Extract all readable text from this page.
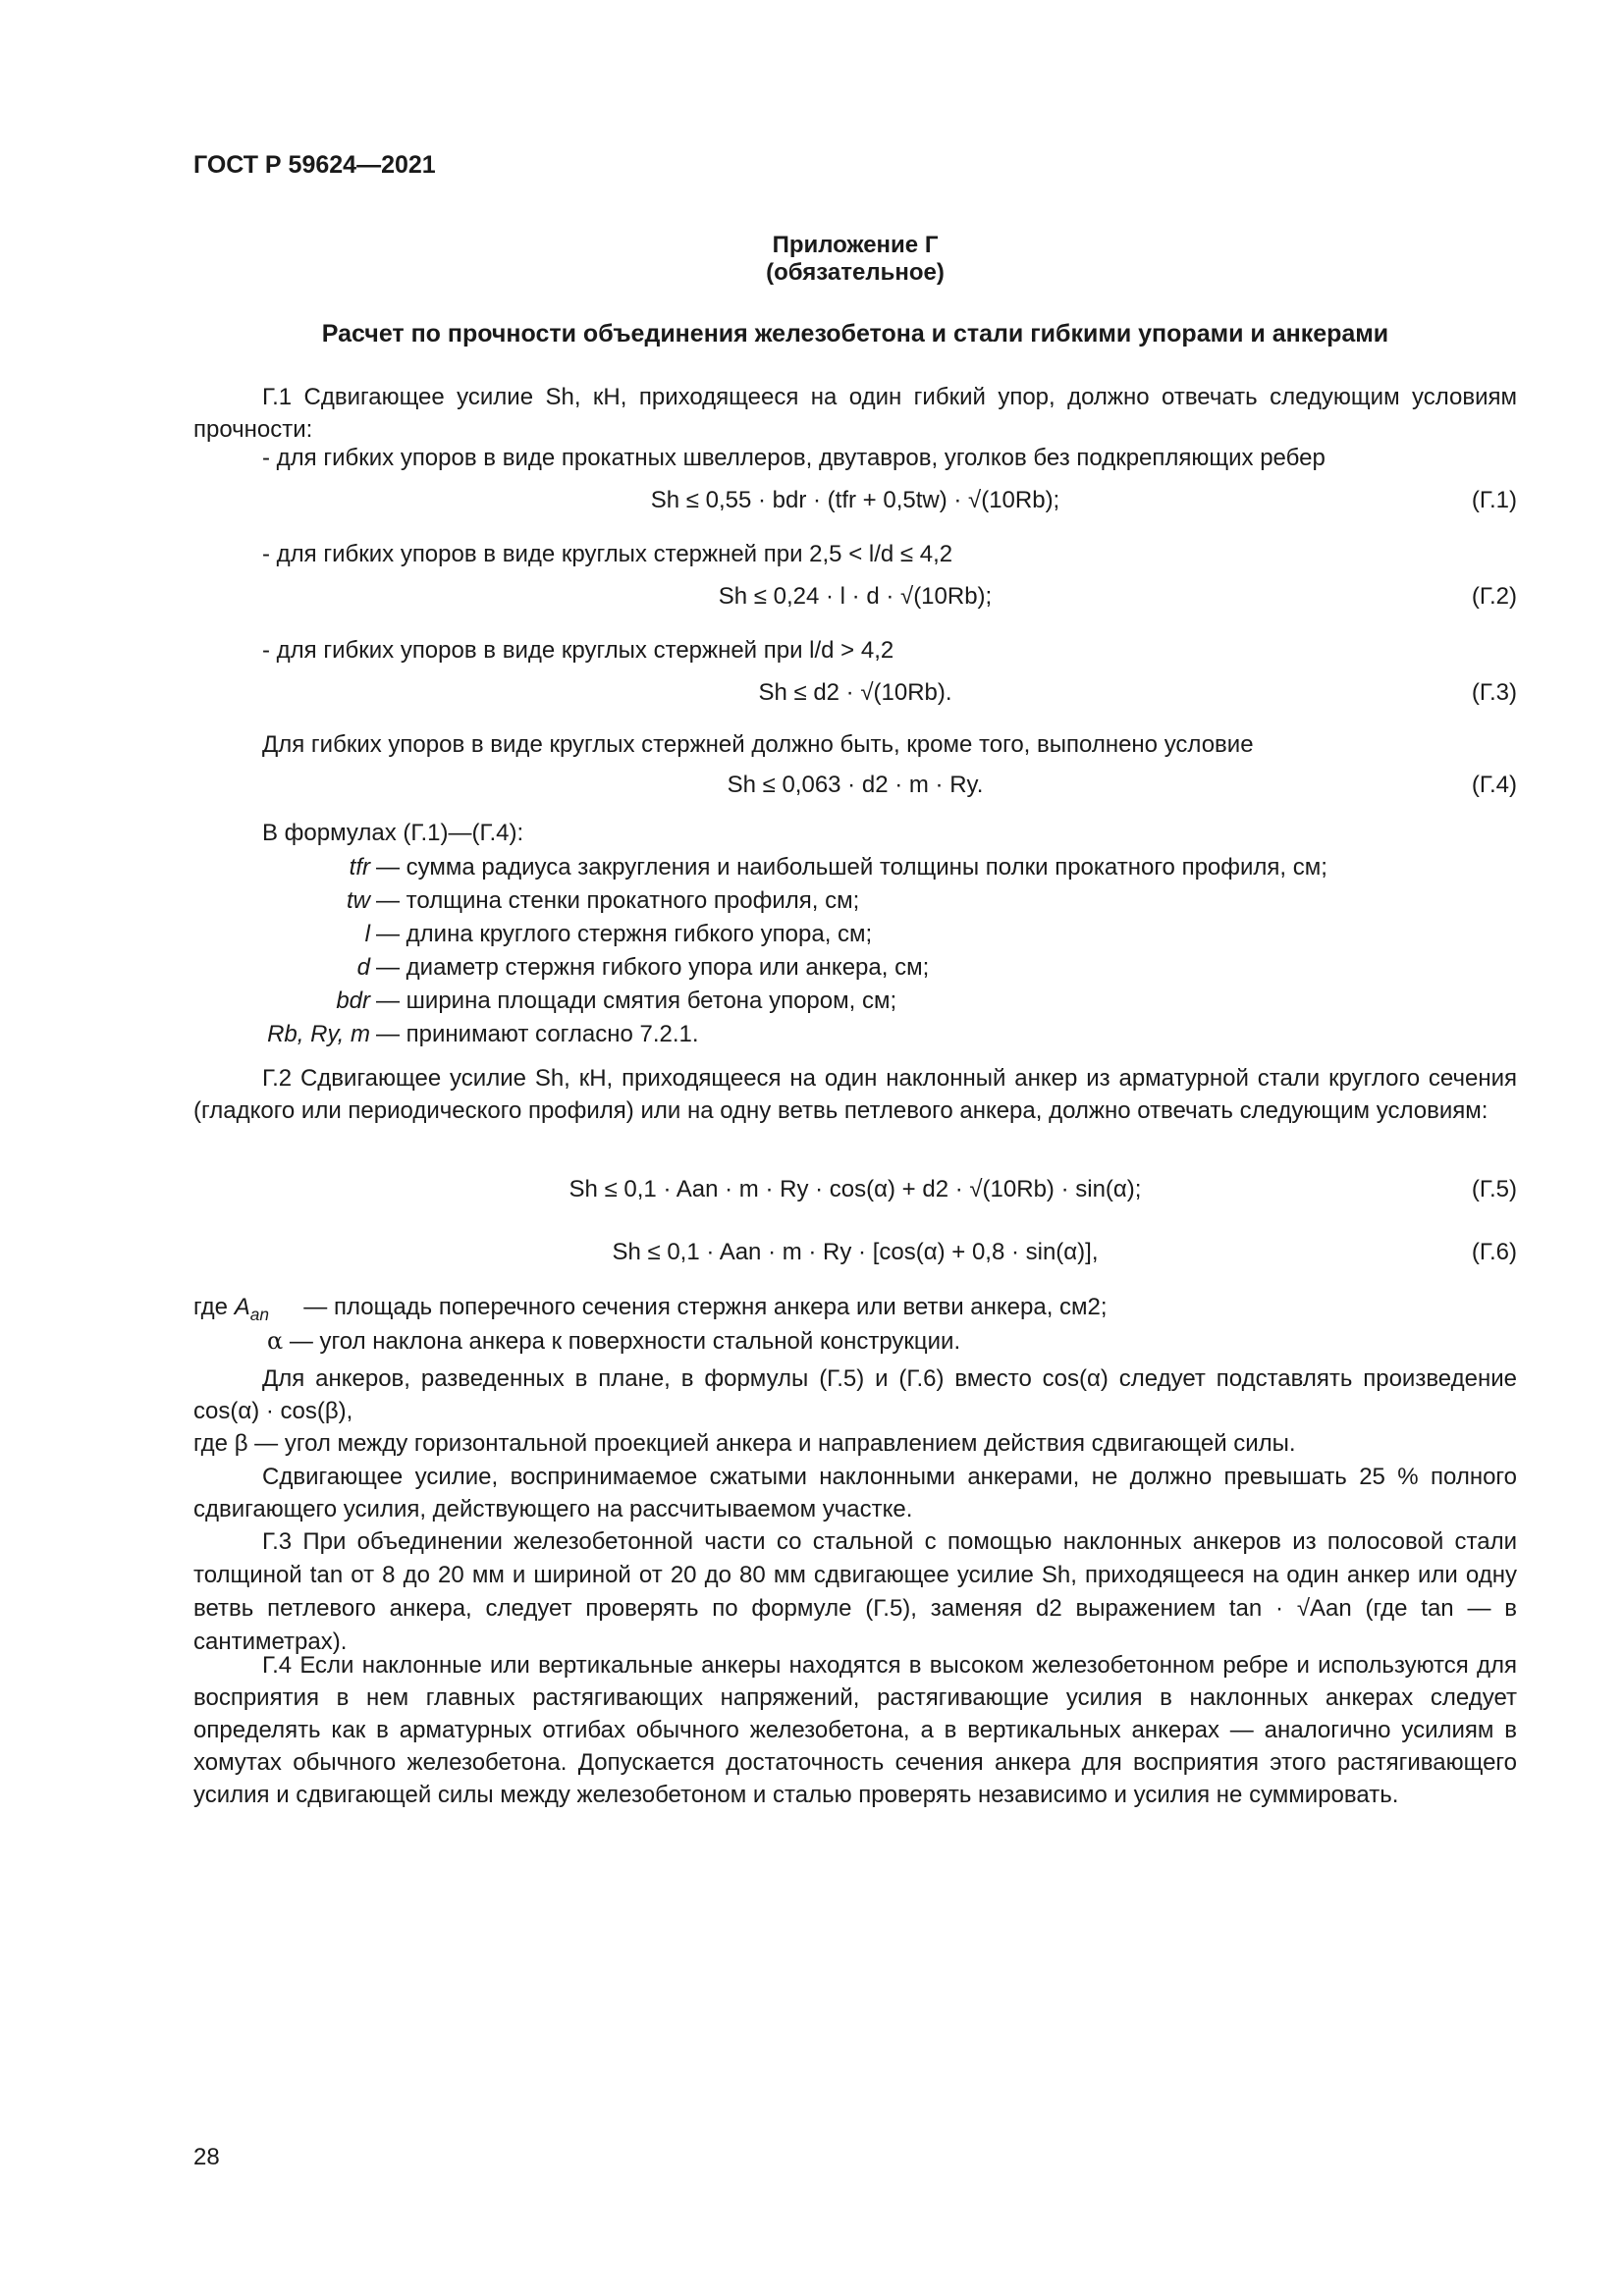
ГОСТ Р 59624—2021
Приложение Г
(обязательное)
Расчет по прочности объединения железобетона и стали гибкими упорами и анкерами
Г.1 Сдвигающее усилие Sh, кН, приходящееся на один гибкий упор, должно отвечать следующим условиям прочности:
- для гибких упоров в виде прокатных швеллеров, двутавров, уголков без подкрепляющих ребер
Sh ≤ 0,55 · bdr · (tfr + 0,5tw) · √(10Rb);	(Г.1)
- для гибких упоров в виде круглых стержней при 2,5 < l/d ≤ 4,2
Sh ≤ 0,24 · l · d · √(10Rb);	(Г.2)
- для гибких упоров в виде круглых стержней при l/d > 4,2
Sh ≤ d2 · √(10Rb).	(Г.3)
Для гибких упоров в виде круглых стержней должно быть, кроме того, выполнено условие
Sh ≤ 0,063 · d2 · m · Ry.	(Г.4)
В формулах (Г.1)—(Г.4):
tfr — сумма радиуса закругления и наибольшей толщины полки прокатного профиля, см;
tw — толщина стенки прокатного профиля, см;
l — длина круглого стержня гибкого упора, см;
d — диаметр стержня гибкого упора или анкера, см;
bdr — ширина площади смятия бетона упором, см;
Rb, Ry, m — принимают согласно 7.2.1.
Г.2 Сдвигающее усилие Sh, кН, приходящееся на один наклонный анкер из арматурной стали круглого сечения (гладкого или периодического профиля) или на одну ветвь петлевого анкера, должно отвечать следующим условиям:
Sh ≤ 0,1 · Aan · m · Ry · cos(α) + d2 · √(10Rb) · sin(α);	(Г.5)
Sh ≤ 0,1 · Aan · m · Ry · [cos(α) + 0,8 · sin(α)],	(Г.6)
где $A_{an}$ — площадь поперечного сечения стержня анкера или ветви анкера, см2;
α — угол наклона анкера к поверхности стальной конструкции.
Для анкеров, разведенных в плане, в формулы (Г.5) и (Г.6) вместо cos(α) следует подставлять произведение cos(α) · cos(β),
где β — угол между горизонтальной проекцией анкера и направлением действия сдвигающей силы.
Сдвигающее усилие, воспринимаемое сжатыми наклонными анкерами, не должно превышать 25 % полного сдвигающего усилия, действующего на рассчитываемом участке.
Г.3 При объединении железобетонной части со стальной с помощью наклонных анкеров из полосовой стали толщиной tan от 8 до 20 мм и шириной от 20 до 80 мм сдвигающее усилие Sh, приходящееся на один анкер или одну ветвь петлевого анкера, следует проверять по формуле (Г.5), заменяя d2 выражением tan · √Aan (где tan — в сантиметрах).
Г.4 Если наклонные или вертикальные анкеры находятся в высоком железобетонном ребре и используются для восприятия в нем главных растягивающих напряжений, растягивающие усилия в наклонных анкерах следует определять как в арматурных отгибах обычного железобетона, а в вертикальных анкерах — аналогично усилиям в хомутах обычного железобетона. Допускается достаточность сечения анкера для восприятия этого растягивающего усилия и сдвигающей силы между железобетоном и сталью проверять независимо и усилия не суммировать.
28
